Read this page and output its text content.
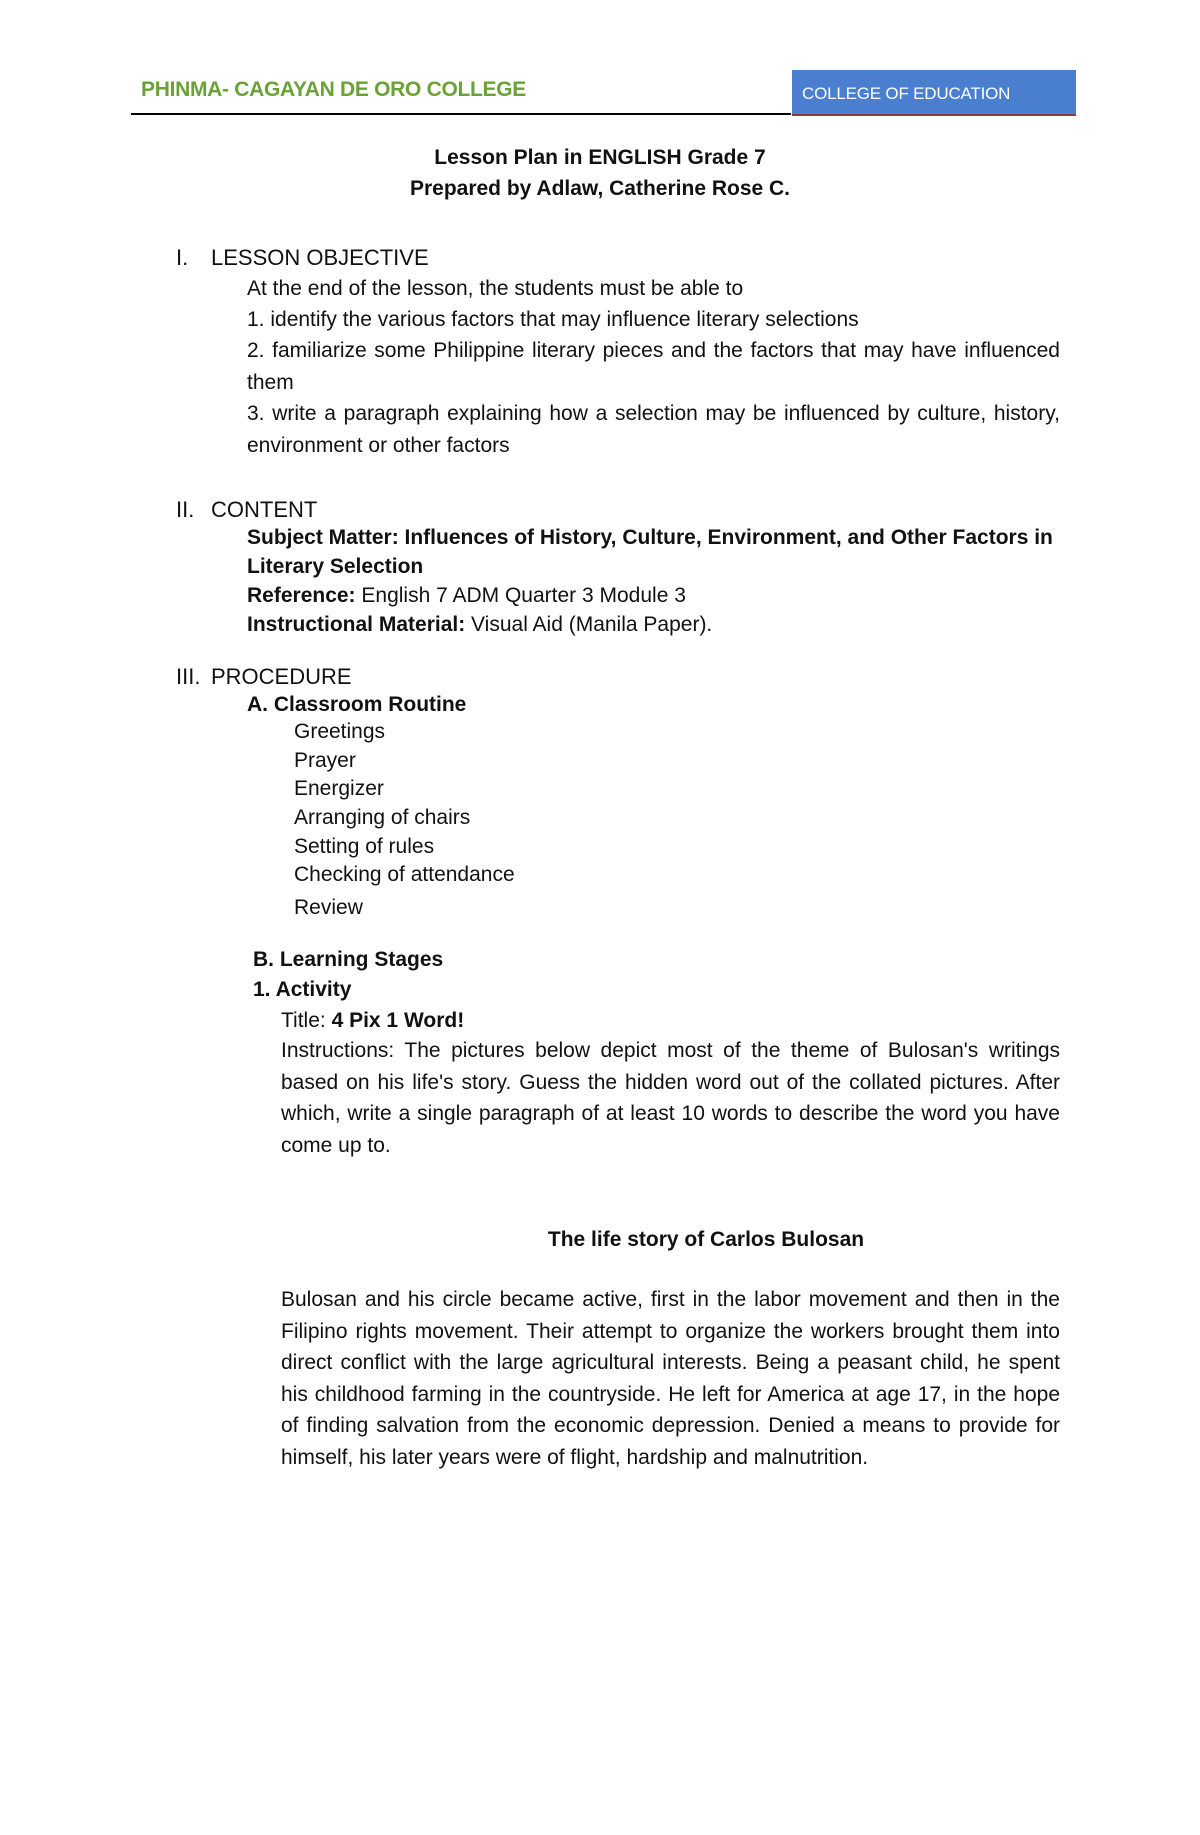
PHINMA- CAGAYAN DE ORO COLLEGE	COLLEGE OF EDUCATION
Lesson Plan in ENGLISH Grade 7
Prepared by Adlaw, Catherine Rose C.
I. LESSON OBJECTIVE
At the end of the lesson, the students must be able to
1. identify the various factors that may influence literary selections
2. familiarize some Philippine literary pieces and the factors that may have influenced them
3. write a paragraph explaining how a selection may be influenced by culture, history, environment or other factors
II. CONTENT
Subject Matter: Influences of History, Culture, Environment, and Other Factors in Literary Selection
Reference: English 7 ADM Quarter 3 Module 3
Instructional Material: Visual Aid (Manila Paper).
III. PROCEDURE
A. Classroom Routine
Greetings
Prayer
Energizer
Arranging of chairs
Setting of rules
Checking of attendance
Review
B. Learning Stages
1. Activity
Title: 4 Pix 1 Word!
Instructions: The pictures below depict most of the theme of Bulosan's writings based on his life's story. Guess the hidden word out of the collated pictures. After which, write a single paragraph of at least 10 words to describe the word you have come up to.
The life story of Carlos Bulosan
Bulosan and his circle became active, first in the labor movement and then in the Filipino rights movement. Their attempt to organize the workers brought them into direct conflict with the large agricultural interests. Being a peasant child, he spent his childhood farming in the countryside. He left for America at age 17, in the hope of finding salvation from the economic depression. Denied a means to provide for himself, his later years were of flight, hardship and malnutrition.
